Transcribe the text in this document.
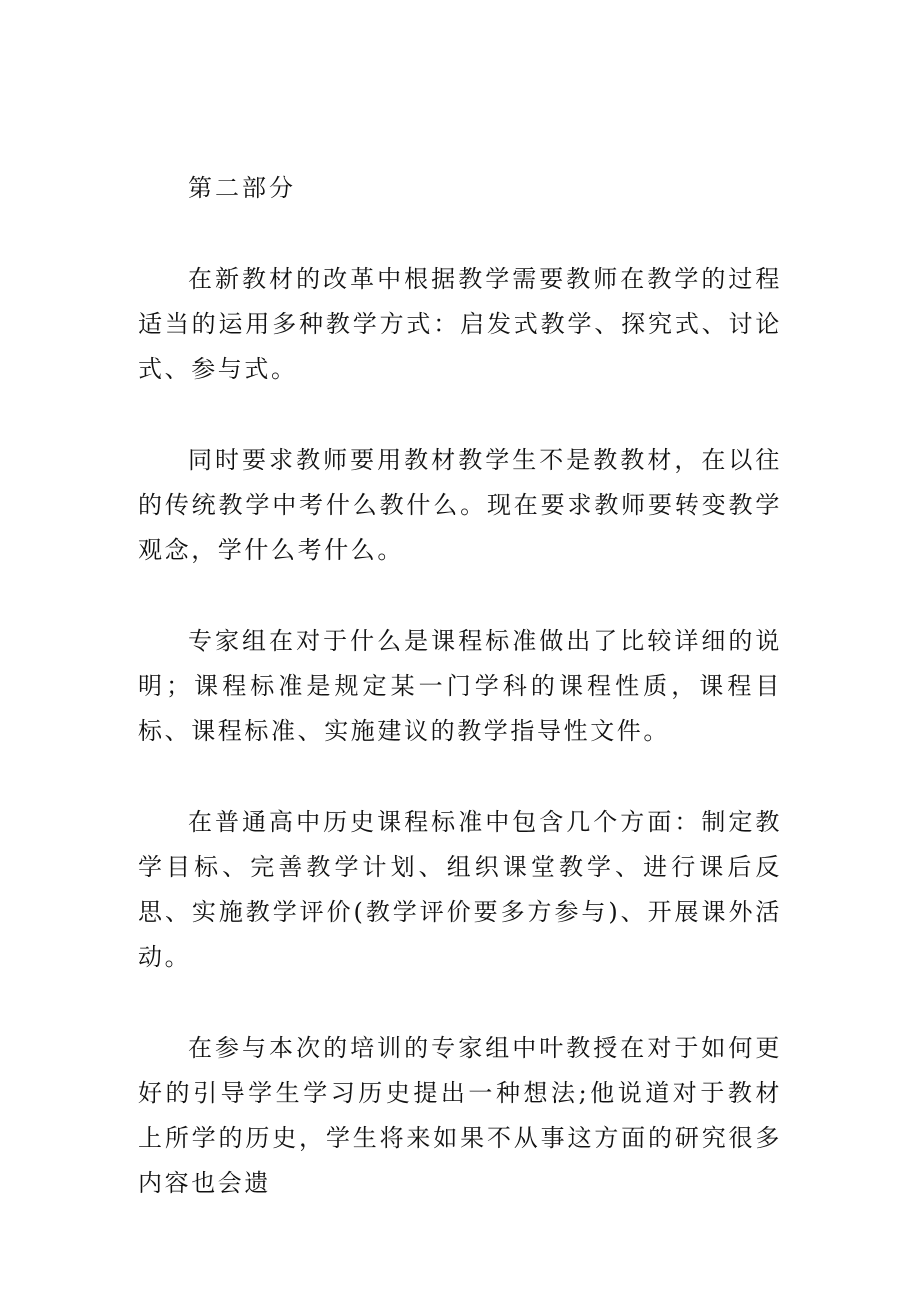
第二部分

在新教材的改革中根据教学需要教师在教学的过程适当的运用多种教学方式：启发式教学、探究式、讨论式、参与式。

同时要求教师要用教材教学生不是教教材，在以往的传统教学中考什么教什么。现在要求教师要转变教学观念，学什么考什么。

专家组在对于什么是课程标准做出了比较详细的说明；课程标准是规定某一门学科的课程性质，课程目标、课程标准、实施建议的教学指导性文件。

在普通高中历史课程标准中包含几个方面：制定教学目标、完善教学计划、组织课堂教学、进行课后反思、实施教学评价(教学评价要多方参与)、开展课外活动。

在参与本次的培训的专家组中叶教授在对于如何更好的引导学生学习历史提出一种想法;他说道对于教材上所学的历史，学生将来如果不从事这方面的研究很多内容也会遗
